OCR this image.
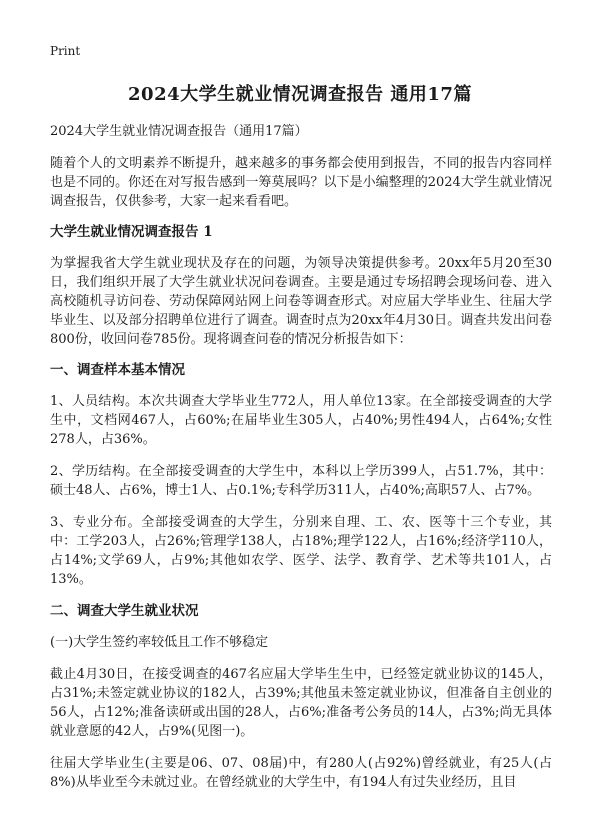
Print
2024大学生就业情况调查报告 通用17篇

2024大学生就业情况调查报告（通用17篇）

随着个人的文明素养不断提升，越来越多的事务都会使用到报告，不同的报告内容同样也是不同的。你还在对写报告感到一筹莫展吗？以下是小编整理的2024大学生就业情况调查报告，仅供参考，大家一起来看看吧。

大学生就业情况调查报告 1

为掌握我省大学生就业现状及存在的问题，为领导决策提供参考。20xx年5月20至30日，我们组织开展了大学生就业状况问卷调查。主要是通过专场招聘会现场问卷、进入高校随机寻访问卷、劳动保障网站网上问卷等调查形式。对应届大学毕业生、往届大学毕业生、以及部分招聘单位进行了调查。调查时点为20xx年4月30日。调查共发出问卷800份，收回问卷785份。现将调查问卷的情况分析报告如下：

一、调查样本基本情况

1、人员结构。本次共调查大学毕业生772人，用人单位13家。在全部接受调查的大学生中，文档网467人，占60%;在届毕业生305人，占40%;男性494人，占64%;女性278人，占36%。

2、学历结构。在全部接受调查的大学生中，本科以上学历399人，占51.7%，其中：硕士48人、占6%，博士1人、占0.1%;专科学历311人，占40%;高职57人、占7%。

3、专业分布。全部接受调查的大学生，分别来自理、工、农、医等十三个专业，其中：工学203人，占26%;管理学138人，占18%;理学122人，占16%;经济学110人，占14%;文学69人，占9%;其他如农学、医学、法学、教育学、艺术等共101人，占13%。

二、调查大学生就业状况

(一)大学生签约率较低且工作不够稳定

截止4月30日，在接受调查的467名应届大学毕生生中，已经签定就业协议的145人，占31%;未签定就业协议的182人，占39%;其他虽未签定就业协议，但准备自主创业的56人，占12%;准备读研或出国的28人，占6%;准备考公务员的14人，占3%;尚无具体就业意愿的42人，占9%(见图一)。

往届大学毕业生(主要是06、07、08届)中，有280人(占92%)曾经就业，有25人(占8%)从毕业至今未就过业。在曾经就业的大学生中，有194人有过失业经历，且目
